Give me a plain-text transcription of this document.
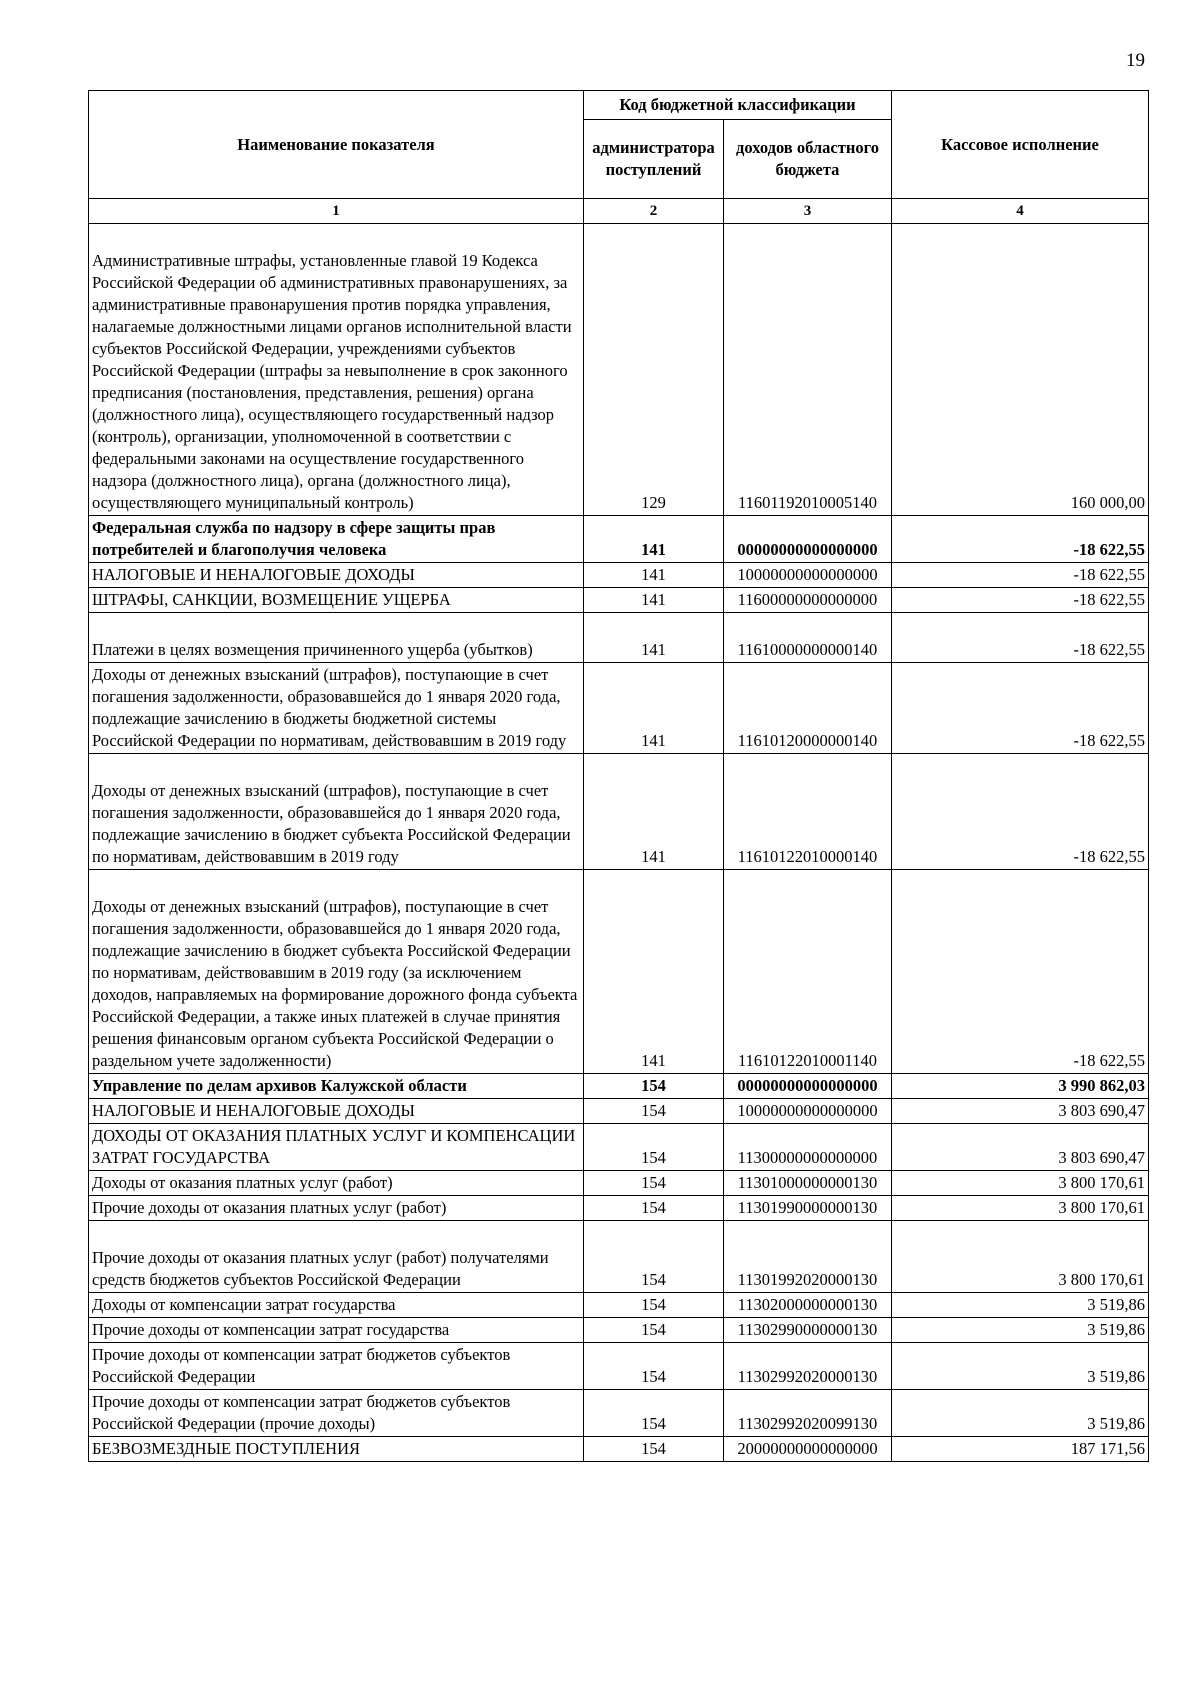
19
Наименование показателя	Код бюджетной классификации		Кассовое исполнение
	администратора поступлений	доходов областного бюджета	
1	2	3	4
Административные штрафы, установленные главой 19 Кодекса Российской Федерации об административных правонарушениях, за административные правонарушения против порядка управления, налагаемые должностными лицами органов исполнительной власти субъектов Российской Федерации, учреждениями субъектов Российской Федерации (штрафы за невыполнение в срок законного предписания (постановления, представления, решения) органа (должностного лица), осуществляющего государственный надзор (контроль), организации, уполномоченной в соответствии с федеральными законами на осуществление государственного надзора (должностного лица), органа (должностного лица), осуществляющего муниципальный контроль)	129	11601192010005140	160 000,00
Федеральная служба по надзору в сфере защиты прав потребителей и благополучия человека	141	00000000000000000	-18 622,55
НАЛОГОВЫЕ И НЕНАЛОГОВЫЕ ДОХОДЫ	141	10000000000000000	-18 622,55
ШТРАФЫ, САНКЦИИ, ВОЗМЕЩЕНИЕ УЩЕРБА	141	11600000000000000	-18 622,55
Платежи в целях возмещения причиненного ущерба (убытков)	141	11610000000000140	-18 622,55
Доходы от денежных взысканий (штрафов), поступающие в счет погашения задолженности, образовавшейся до 1 января 2020 года, подлежащие зачислению в бюджеты бюджетной системы Российской Федерации по нормативам, действовавшим в 2019 году	141	11610120000000140	-18 622,55
Доходы от денежных взысканий (штрафов), поступающие в счет погашения задолженности, образовавшейся до 1 января 2020 года, подлежащие зачислению в бюджет субъекта Российской Федерации по нормативам, действовавшим в 2019 году	141	11610122010000140	-18 622,55
Доходы от денежных взысканий (штрафов), поступающие в счет погашения задолженности, образовавшейся до 1 января 2020 года, подлежащие зачислению в бюджет субъекта Российской Федерации по нормативам, действовавшим в 2019 году (за исключением доходов, направляемых на формирование дорожного фонда субъекта Российской Федерации, а также иных платежей в случае принятия решения финансовым органом субъекта Российской Федерации о раздельном учете задолженности)	141	11610122010001140	-18 622,55
Управление по делам архивов Калужской области	154	00000000000000000	3 990 862,03
НАЛОГОВЫЕ И НЕНАЛОГОВЫЕ ДОХОДЫ	154	10000000000000000	3 803 690,47
ДОХОДЫ ОТ ОКАЗАНИЯ ПЛАТНЫХ УСЛУГ И КОМПЕНСАЦИИ ЗАТРАТ ГОСУДАРСТВА	154	11300000000000000	3 803 690,47
Доходы от оказания платных услуг (работ)	154	11301000000000130	3 800 170,61
Прочие доходы от оказания платных услуг (работ)	154	11301990000000130	3 800 170,61
Прочие доходы от оказания платных услуг (работ) получателями средств бюджетов субъектов Российской Федерации	154	11301992020000130	3 800 170,61
Доходы от компенсации затрат государства	154	11302000000000130	3 519,86
Прочие доходы от компенсации затрат государства	154	11302990000000130	3 519,86
Прочие доходы от компенсации затрат бюджетов субъектов Российской Федерации	154	11302992020000130	3 519,86
Прочие доходы от компенсации затрат бюджетов субъектов Российской Федерации (прочие доходы)	154	11302992020099130	3 519,86
БЕЗВОЗМЕЗДНЫЕ ПОСТУПЛЕНИЯ	154	20000000000000000	187 171,56
